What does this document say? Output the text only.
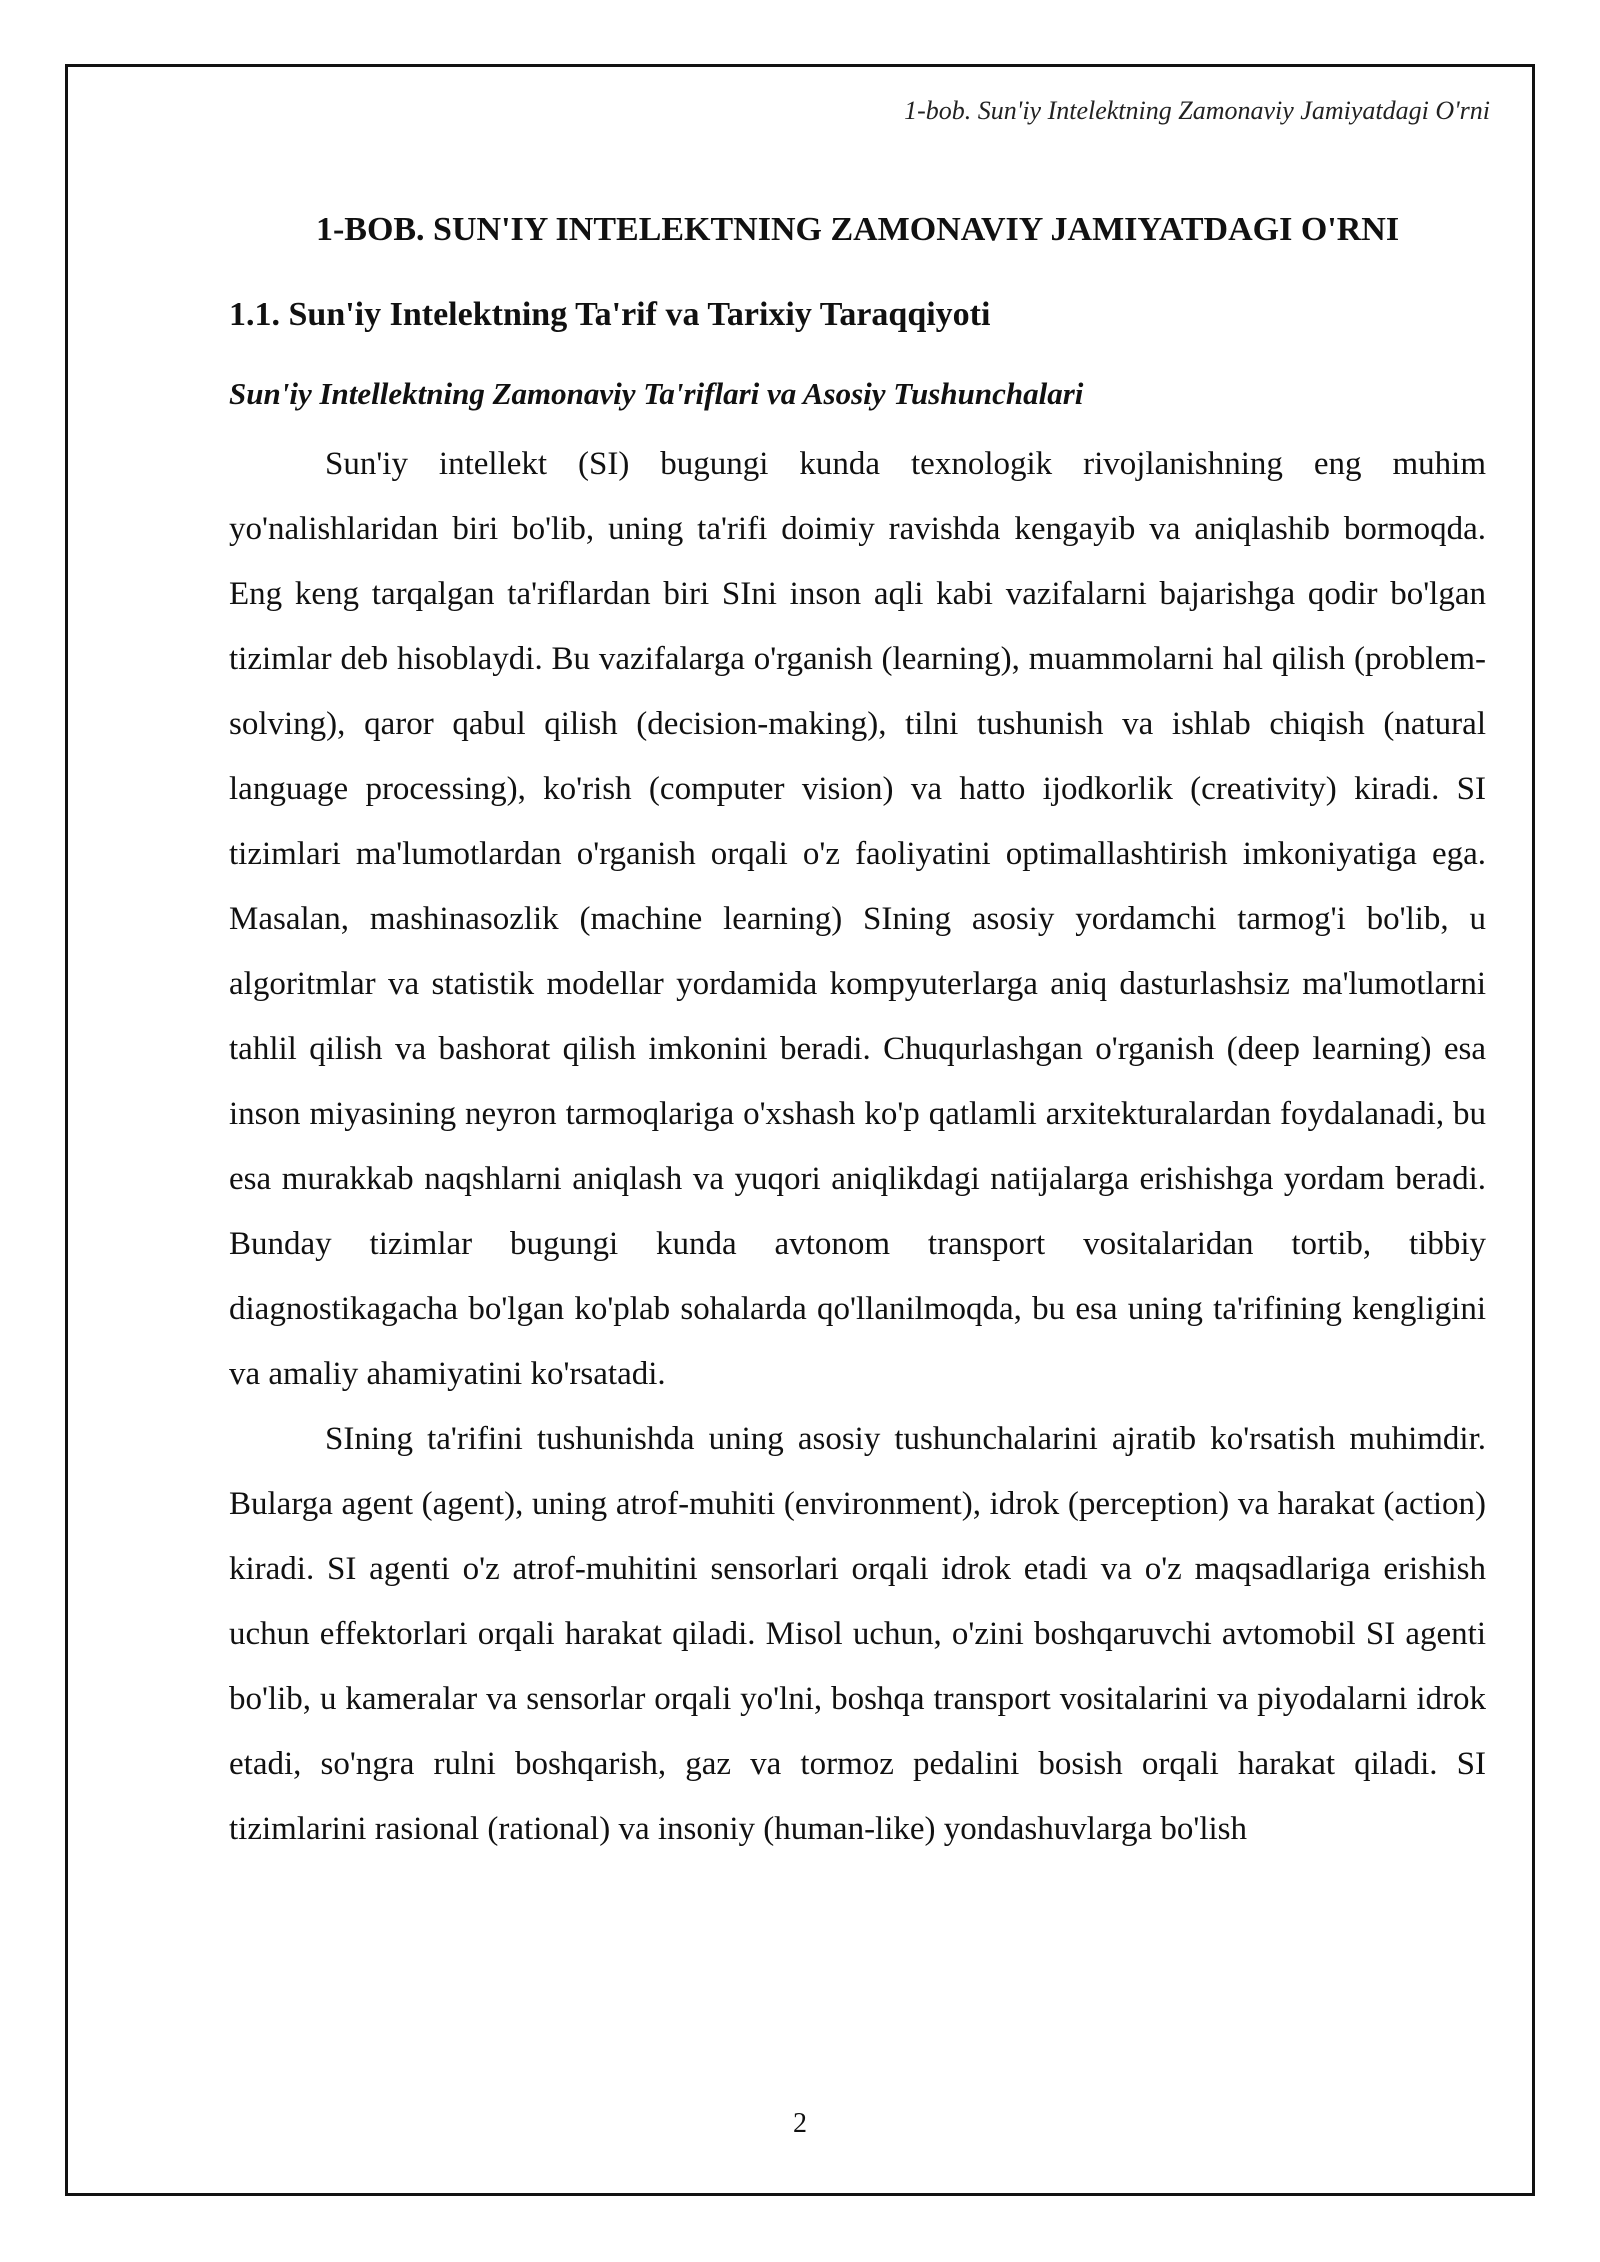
1-bob. Sun'iy Intelektning Zamonaviy Jamiyatdagi O'rni
1-BOB. SUN'IY INTELEKTNING ZAMONAVIY JAMIYATDAGI O'RNI
1.1. Sun'iy Intelektning Ta'rif va Tarixiy Taraqqiyoti
Sun'iy Intellektning Zamonaviy Ta'riflari va Asosiy Tushunchalari

Sun'iy intellekt (SI) bugungi kunda texnologik rivojlanishning eng muhim yo'nalishlaridan biri bo'lib, uning ta'rifi doimiy ravishda kengayib va aniqlashib bormoqda. Eng keng tarqalgan ta'riflardan biri SIni inson aqli kabi vazifalarni bajarishga qodir bo'lgan tizimlar deb hisoblaydi. Bu vazifalarga o'rganish (learning), muammolarni hal qilish (problem-solving), qaror qabul qilish (decision-making), tilni tushunish va ishlab chiqish (natural language processing), ko'rish (computer vision) va hatto ijodkorlik (creativity) kiradi. SI tizimlari ma'lumotlardan o'rganish orqali o'z faoliyatini optimallashtirish imkoniyatiga ega. Masalan, mashinasozlik (machine learning) SIning asosiy yordamchi tarmog'i bo'lib, u algoritmlar va statistik modellar yordamida kompyuterlarga aniq dasturlashsiz ma'lumotlarni tahlil qilish va bashorat qilish imkonini beradi. Chuqurlashgan o'rganish (deep learning) esa inson miyasining neyron tarmoqlariga o'xshash ko'p qatlamli arxitekturalardan foydalanadi, bu esa murakkab naqshlarni aniqlash va yuqori aniqlikdagi natijalarga erishishga yordam beradi. Bunday tizimlar bugungi kunda avtonom transport vositalaridan tortib, tibbiy diagnostikagacha bo'lgan ko'plab sohalarda qo'llanilmoqda, bu esa uning ta'rifining kengligini va amaliy ahamiyatini ko'rsatadi.

SIning ta'rifini tushunishda uning asosiy tushunchalarini ajratib ko'rsatish muhimdir. Bularga agent (agent), uning atrof-muhiti (environment), idrok (perception) va harakat (action) kiradi. SI agenti o'z atrof-muhitini sensorlari orqali idrok etadi va o'z maqsadlariga erishish uchun effektorlari orqali harakat qiladi. Misol uchun, o'zini boshqaruvchi avtomobil SI agenti bo'lib, u kameralar va sensorlar orqali yo'lni, boshqa transport vositalarini va piyodalarni idrok etadi, so'ngra rulni boshqarish, gaz va tormoz pedalini bosish orqali harakat qiladi. SI tizimlarini rasional (rational) va insoniy (human-like) yondashuvlarga bo'lish

2
